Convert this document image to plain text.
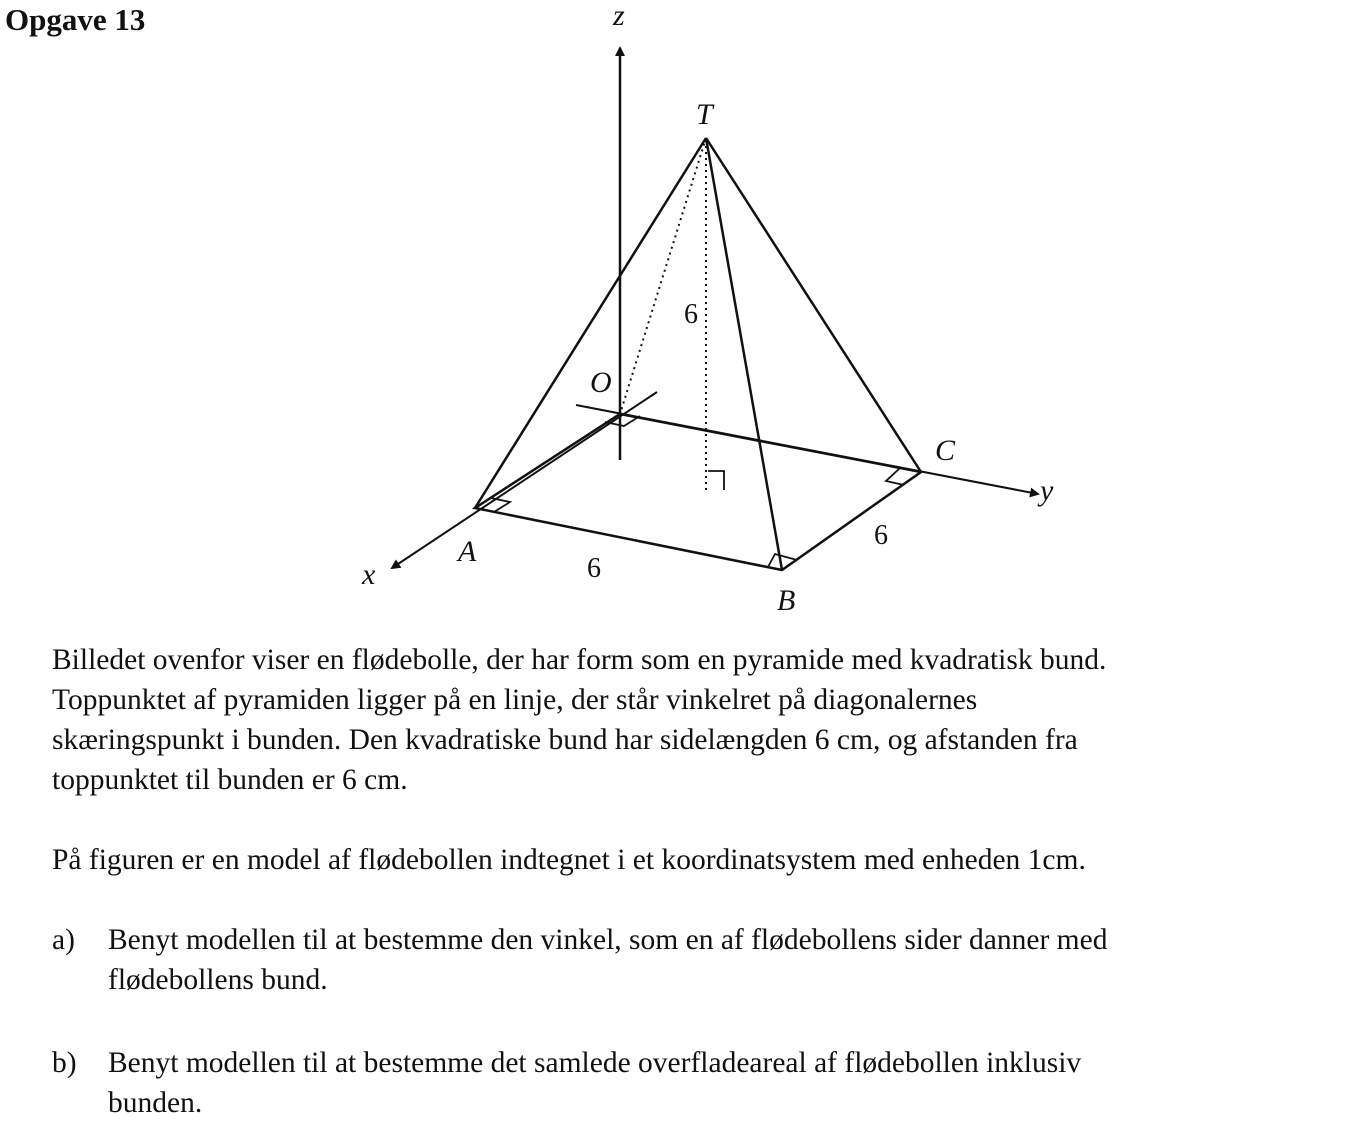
Opgave 13	z
T
6
O
C
y
6
A
6
x
B
Billedet ovenfor viser en flødebolle, der har form som en pyramide med kvadratisk bund.
Toppunktet af pyramiden ligger på en linje, der står vinkelret på diagonalernes
skæringspunkt i bunden. Den kvadratiske bund har sidelængden 6 cm, og afstanden fra
toppunktet til bunden er 6 cm.
På figuren er en model af flødebollen indtegnet i et koordinatsystem med enheden 1cm.
a)	Benyt modellen til at bestemme den vinkel, som en af flødebollens sider danner med
flødebollens bund.
b)	Benyt modellen til at bestemme det samlede overfladeareal af flødebollen inklusiv
bunden.
